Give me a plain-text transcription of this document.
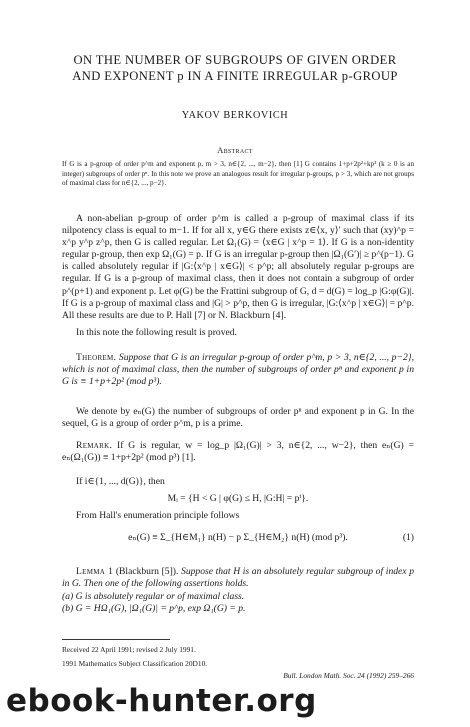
ON THE NUMBER OF SUBGROUPS OF GIVEN ORDER
AND EXPONENT p IN A FINITE IRREGULAR p-GROUP
YAKOV BERKOVICH
Abstract
If G is a p-group of order p^m and exponent p, m > 3, n∈{2, ..., m−2}, then [1] G contains 1+p+2p²+kp³ (k ≥ 0 is an integer) subgroups of order pⁿ. In this note we prove an analogous result for irregular p-groups, p > 3, which are not groups of maximal class for n∈{2, ..., p−2}.

A non-abelian p-group of order p^m is called a p-group of maximal class if its nilpotency class is equal to m−1. If for all x, y∈G there exists z∈⟨x, y⟩′ such that (xy)^p = x^p y^p z^p, then G is called regular. Let Ω₁(G) = ⟨x∈G | x^p = 1⟩. If G is a non-identity regular p-group, then exp Ω₁(G) = p. If G is an irregular p-group then |Ω₁(G′)| ≥ p^(p−1). G is called absolutely regular if |G:⟨x^p | x∈G⟩| < p^p; all absolutely regular p-groups are regular. If G is a p-group of maximal class, then it does not contain a subgroup of order p^(p+1) and exponent p. Let φ(G) be the Frattini subgroup of G, d = d(G) = log_p |G:φ(G)|. If G is a p-group of maximal class and |G| > p^p, then G is irregular, |G:⟨x^p | x∈G⟩| = p^p. All these results are due to P. Hall [7] or N. Blackburn [4].

In this note the following result is proved.

Theorem. Suppose that G is an irregular p-group of order p^m, p > 3, n∈{2, ..., p−2}, which is not of maximal class, then the number of subgroups of order pⁿ and exponent p in G is ≡ 1+p+2p² (mod p³).

We denote by eₙ(G) the number of subgroups of order pⁿ and exponent p in G. In the sequel, G is a group of order p^m, p is a prime.

Remark. If G is regular, w = log_p |Ω₁(G)| > 3, n∈{2, ..., w−2}, then eₙ(G) = eₙ(Ω₁(G)) ≡ 1+p+2p² (mod p³) [1].

If i∈{1, ..., d(G)}, then

Mᵢ = {H < G | φ(G) ≤ H, |G:H| = pⁱ}.

From Hall's enumeration principle follows

eₙ(G) ≡ Σ_{H∈M₁} n(H) − p Σ_{H∈M₂} n(H) (mod p³).	(1)

Lemma 1 (Blackburn [5]). Suppose that H is an absolutely regular subgroup of index p in G. Then one of the following assertions holds.

(a) G is absolutely regular or of maximal class.

(b) G = HΩ₁(G), |Ω₁(G)| = p^p, exp Ω₁(G) = p.

Received 22 April 1991; revised 2 July 1991.
1991 Mathematics Subject Classification 20D10.
Bull. London Math. Soc. 24 (1992) 259–266
ebook-hunter.org
